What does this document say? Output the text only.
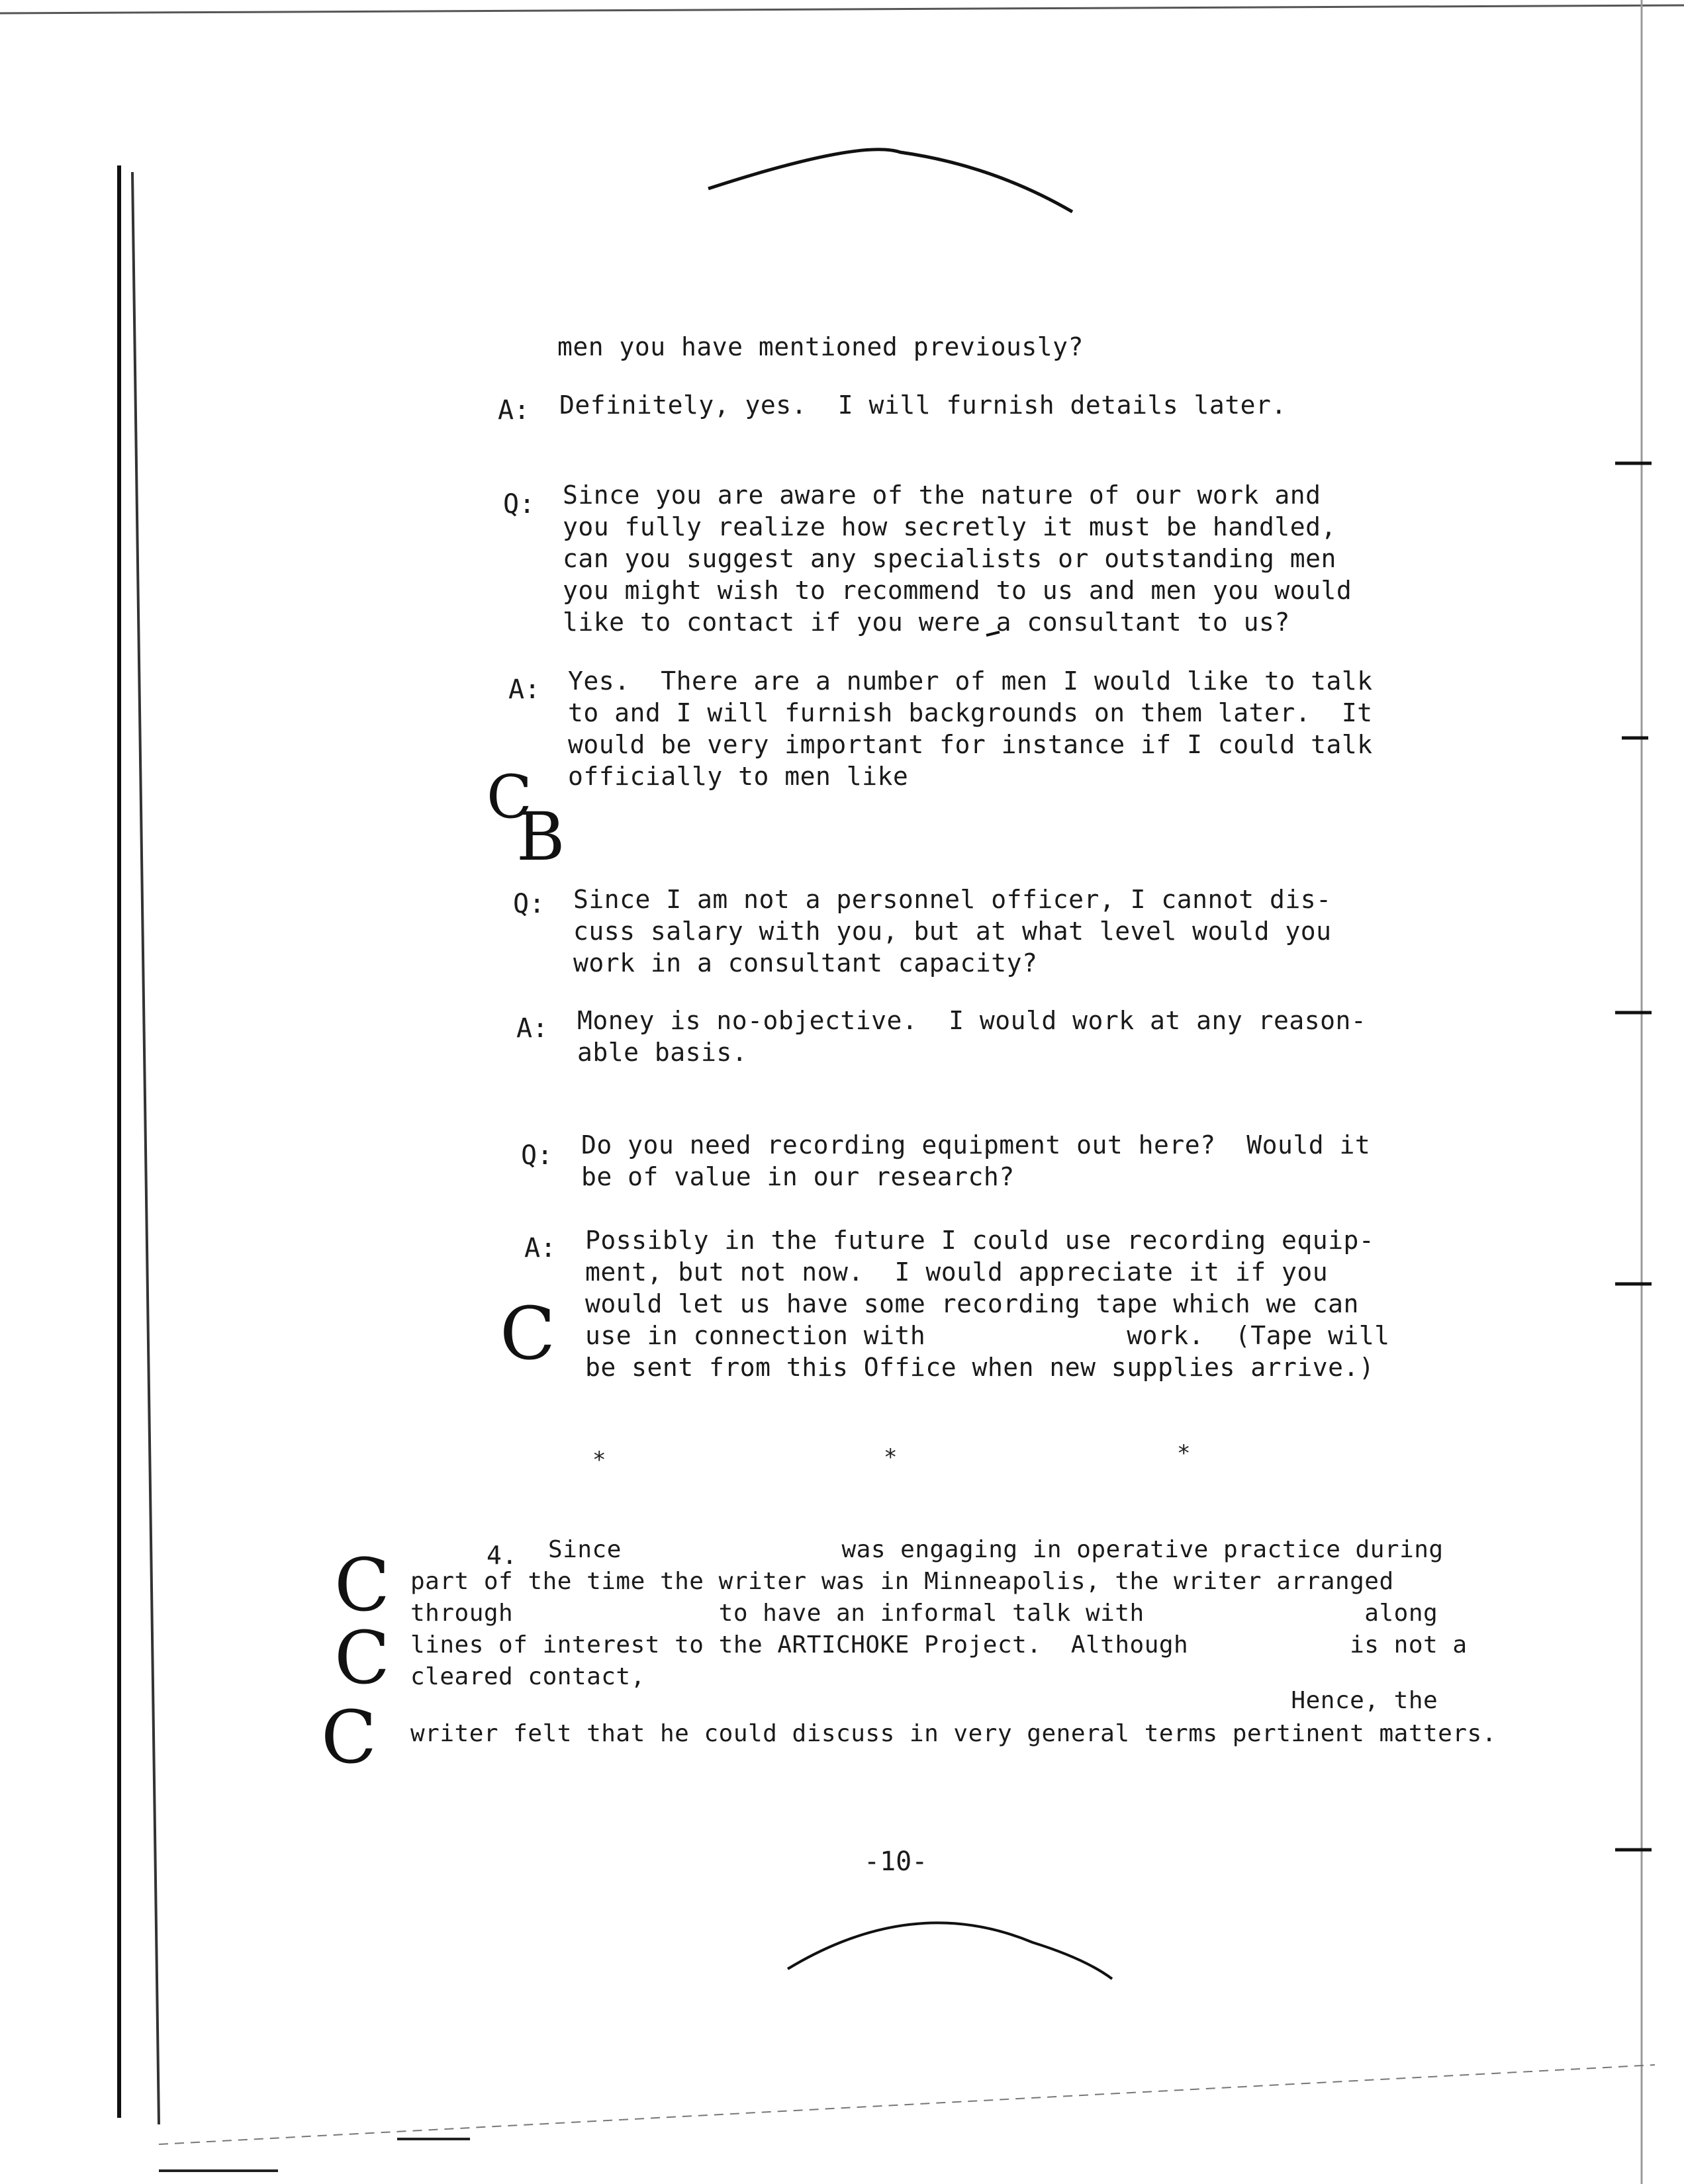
men you have mentioned previously?
A: Definitely, yes.  I will furnish details later.
Q: Since you are aware of the nature of our work and
you fully realize how secretly it must be handled,
can you suggest any specialists or outstanding men
you might wish to recommend to us and men you would
like to contact if you were a consultant to us?
A: Yes.  There are a number of men I would like to talk
to and I will furnish backgrounds on them later.  It
would be very important for instance if I could talk
officially to men like
Q: Since I am not a personnel officer, I cannot dis-
cuss salary with you, but at what level would you
work in a consultant capacity?
A: Money is no-objective.  I would work at any reason-
able basis.
Q: Do you need recording equipment out here?  Would it
be of value in our research?
A: Possibly in the future I could use recording equip-
ment, but not now.  I would appreciate it if you
would let us have some recording tape which we can
use in connection with             work.  (Tape will
be sent from this Office when new supplies arrive.)
*	*	*
4. Since               was engaging in operative practice during
part of the time the writer was in Minneapolis, the writer arranged
through              to have an informal talk with               along
lines of interest to the ARTICHOKE Project.  Although           is not a
cleared contact,
Hence, the
writer felt that he could discuss in very general terms pertinent matters.
C
B
C
C
C
C
-10-
